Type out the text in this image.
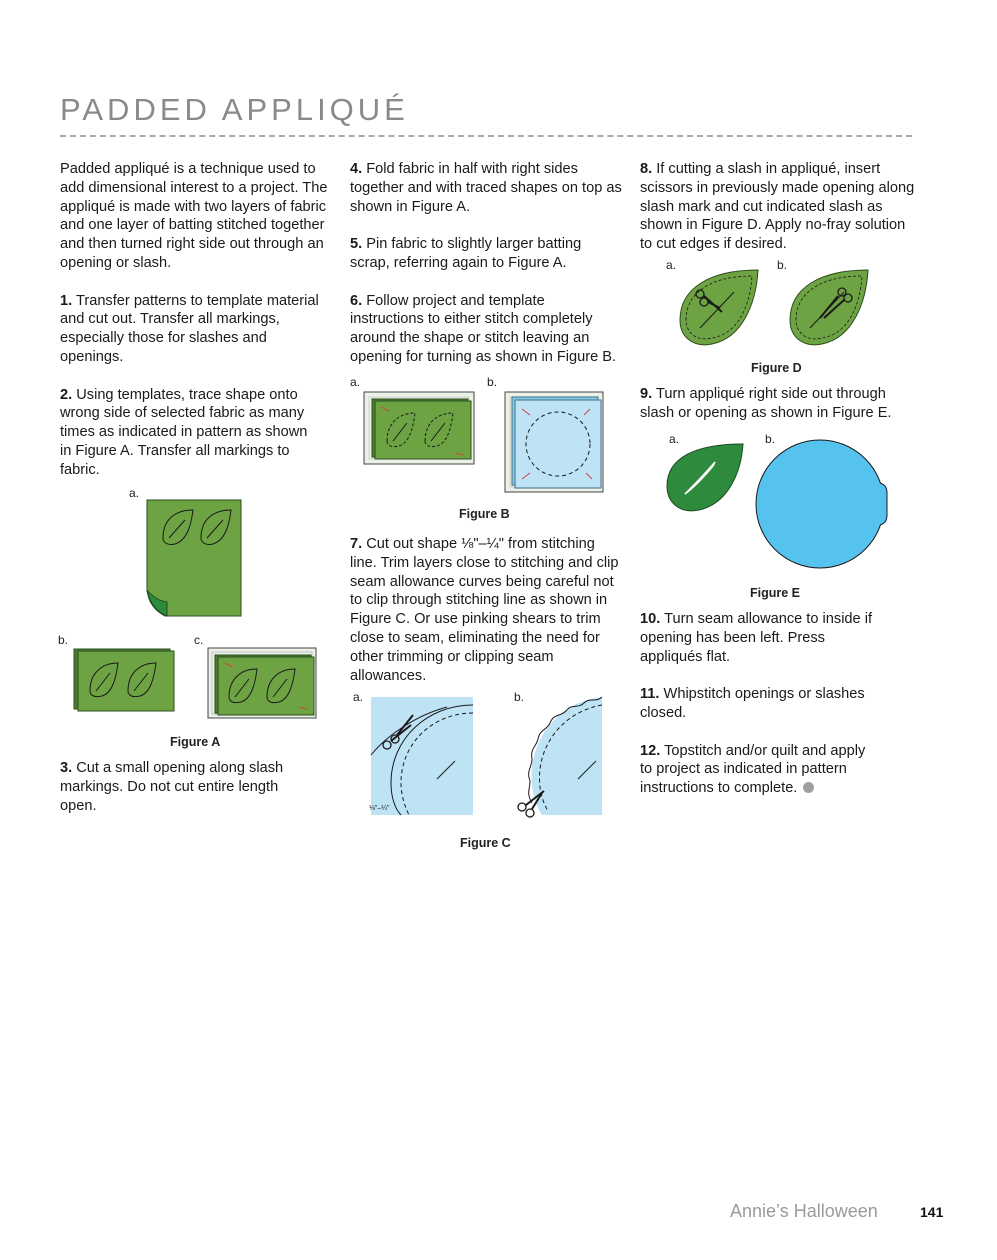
PADDED APPLIQUÉ

Padded appliqué is a technique used to add dimensional interest to a project. The appliqué is made with two layers of fabric and one layer of batting stitched together and then turned right side out through an opening or slash.

1. Transfer patterns to template material and cut out. Transfer all markings, especially those for slashes and openings.

2. Using templates, trace shape onto wrong side of selected fabric as many times as indicated in pattern as shown in Figure A. Transfer all markings to fabric.

3. Cut a small opening along slash markings. Do not cut entire length open.

4. Fold fabric in half with right sides together and with traced shapes on top as shown in Figure A.

5. Pin fabric to slightly larger batting scrap, referring again to Figure A.

6. Follow project and template instructions to either stitch completely around the shape or stitch leaving an opening for turning as shown in Figure B.

7. Cut out shape ⅛"–¼" from stitching line. Trim layers close to stitching and clip seam allowance curves being careful not to clip through stitching line as shown in Figure C. Or use pinking shears to trim close to seam, eliminating the need for other trimming or clipping seam allowances.

8. If cutting a slash in appliqué, insert scissors in previously made opening along slash mark and cut indicated slash as shown in Figure D. Apply no-fray solution to cut edges if desired.

9. Turn appliqué right side out through slash or opening as shown in Figure E.

10. Turn seam allowance to inside if opening has been left. Press appliqués flat.

11. Whipstitch openings or slashes closed.

12. Topstitch and/or quilt and apply to project as indicated in pattern instructions to complete.

a.
b.	c.
Figure A
a.	b.
Figure B
a.
⅛"–¼"
b.
Figure C
a.	b.
Figure D
a.	b.
Figure E
Annie’s Halloween	141
